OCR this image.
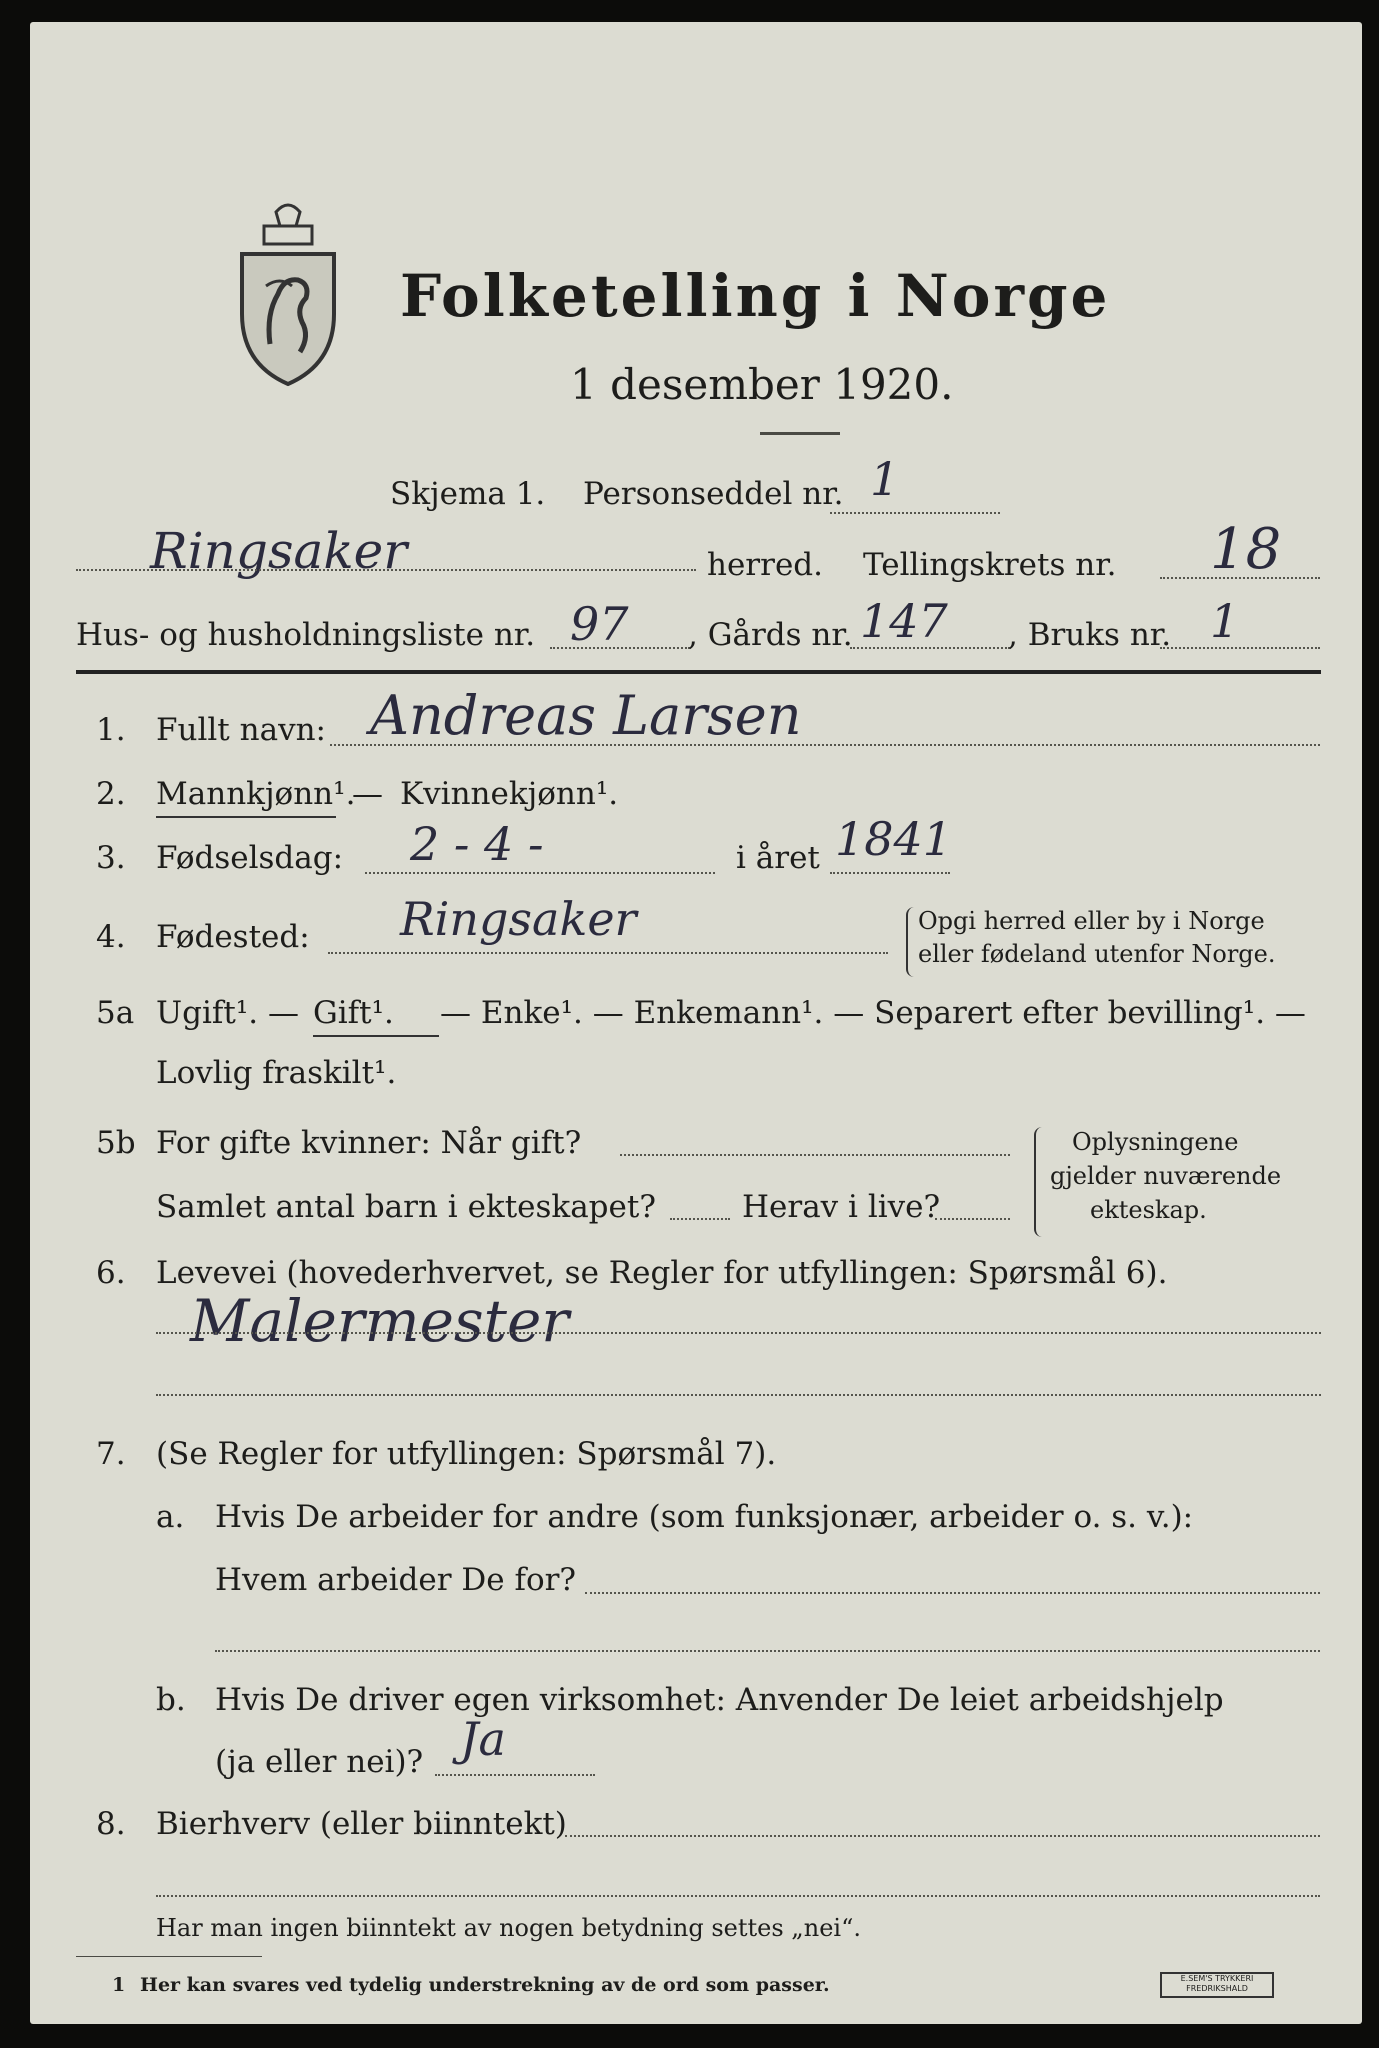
Folketelling i Norge
1 desember 1920.
Skjema 1. Personseddel nr. 1
Ringsaker	herred. Tellingskrets nr. 18
Hus- og husholdningsliste nr. 97 , Gårds nr. 147 , Bruks nr. 1
1. Fullt navn: Andreas Larsen
2. Mannkjønn¹.
— Kvinnekjønn¹.
3. Fødselsdag: 2 - 4 -	i året 1841
4. Fødested: Ringsaker	Opgi herred eller by i Norge
eller fødeland utenfor Norge.
5a Ugift¹. — Gift¹. — Enke¹. — Enkemann¹. — Separert efter bevilling¹. —
Lovlig fraskilt¹.
5b For gifte kvinner: Når gift?
Samlet antal barn i ekteskapet?	Herav i live?
Oplysningene
gjelder nuværende
ekteskap.
6. Levevei (hovederhvervet, se Regler for utfyllingen: Spørsmål 6).
Malermester
7. (Se Regler for utfyllingen: Spørsmål 7).
a. Hvis De arbeider for andre (som funksjonær, arbeider o. s. v.):
Hvem arbeider De for?
b. Hvis De driver egen virksomhet: Anvender De leiet arbeidshjelp
(ja eller nei)? Ja
8. Bierhverv (eller biinntekt)
Har man ingen biinntekt av nogen betydning settes „nei“.
1 Her kan svares ved tydelig understrekning av de ord som passer.	E.SEM'S TRYKKERI
FREDRIKSHALD
